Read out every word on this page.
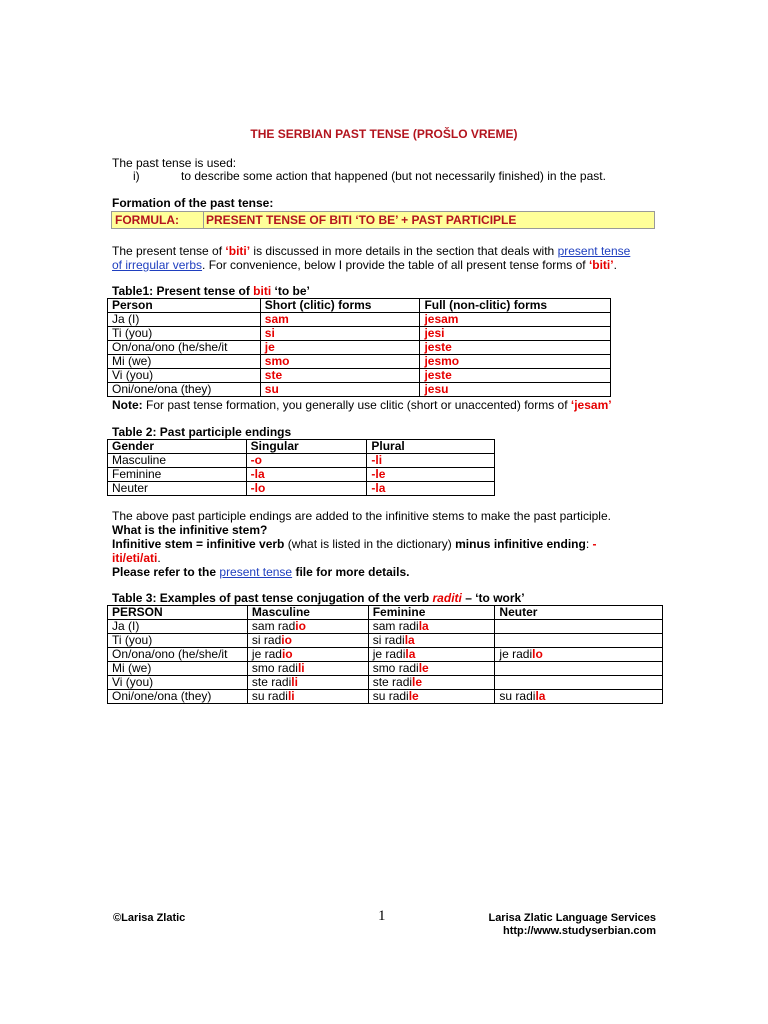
THE SERBIAN PAST TENSE (PROŠLO VREME)
The past tense is used:
i)	to describe some action that happened (but not necessarily finished) in the past.
Formation of the past tense:
FORMULA: PRESENT TENSE OF BITI ‘TO BE’ + PAST PARTICIPLE
The present tense of ‘biti’ is discussed in more details in the section that deals with present tense
of irregular verbs. For convenience, below I provide the table of all present tense forms of ‘biti’.
Table1: Present tense of biti ‘to be’
Person	Short (clitic) forms	Full (non-clitic) forms
Ja (I)	sam	jesam
Ti (you)	si	jesi
On/ona/ono (he/she/it	je	jeste
Mi (we)	smo	jesmo
Vi (you)	ste	jeste
Oni/one/ona (they)	su	jesu
Note: For past tense formation, you generally use clitic (short or unaccented) forms of ‘jesam’
Table 2: Past participle endings
Gender	Singular	Plural
Masculine	-o	-li
Feminine	-la	-le
Neuter	-lo	-la
The above past participle endings are added to the infinitive stems to make the past participle.
What is the infinitive stem?
Infinitive stem = infinitive verb (what is listed in the dictionary) minus infinitive ending: -
iti/eti/ati.
Please refer to the present tense file for more details.
Table 3: Examples of past tense conjugation of the verb raditi – ‘to work’
PERSON	Masculine	Feminine	Neuter
Ja (I)	sam radio	sam radila	
Ti (you)	si radio	si radila	
On/ona/ono (he/she/it	je radio	je radila	je radilo
Mi (we)	smo radili	smo radile	
Vi (you)	ste radili	ste radile	
Oni/one/ona (they)	su radili	su radile	su radila
©Larisa Zlatic	1	Larisa Zlatic Language Services
http://www.studyserbian.com
